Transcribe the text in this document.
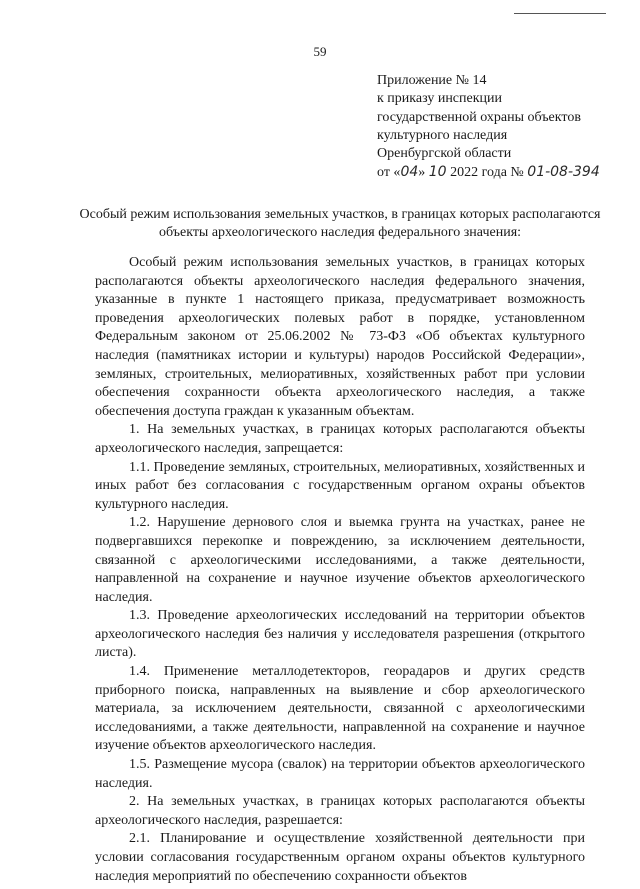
59
Приложение № 14
к приказу инспекции
государственной охраны объектов
культурного наследия
Оренбургской области
от «04» 10 2022 года № 01-08-394
Особый режим использования земельных участков, в границах которых располагаются объекты археологического наследия федерального значения:

Особый режим использования земельных участков, в границах которых располагаются объекты археологического наследия федерального значения, указанные в пункте 1 настоящего приказа, предусматривает возможность проведения археологических полевых работ в порядке, установленном Федеральным законом от 25.06.2002 № 73-ФЗ «Об объектах культурного наследия (памятниках истории и культуры) народов Российской Федерации», земляных, строительных, мелиоративных, хозяйственных работ при условии обеспечения сохранности объекта археологического наследия, а также обеспечения доступа граждан к указанным объектам.

1. На земельных участках, в границах которых располагаются объекты археологического наследия, запрещается:

1.1. Проведение земляных, строительных, мелиоративных, хозяйственных и иных работ без согласования с государственным органом охраны объектов культурного наследия.

1.2. Нарушение дернового слоя и выемка грунта на участках, ранее не подвергавшихся перекопке и повреждению, за исключением деятельности, связанной с археологическими исследованиями, а также деятельности, направленной на сохранение и научное изучение объектов археологического наследия.

1.3. Проведение археологических исследований на территории объектов археологического наследия без наличия у исследователя разрешения (открытого листа).

1.4. Применение металлодетекторов, георадаров и других средств приборного поиска, направленных на выявление и сбор археологического материала, за исключением деятельности, связанной с археологическими исследованиями, а также деятельности, направленной на сохранение и научное изучение объектов археологического наследия.

1.5. Размещение мусора (свалок) на территории объектов археологического наследия.

2. На земельных участках, в границах которых располагаются объекты археологического наследия, разрешается:

2.1. Планирование и осуществление хозяйственной деятельности при условии согласования государственным органом охраны объектов культурного наследия мероприятий по обеспечению сохранности объектов
